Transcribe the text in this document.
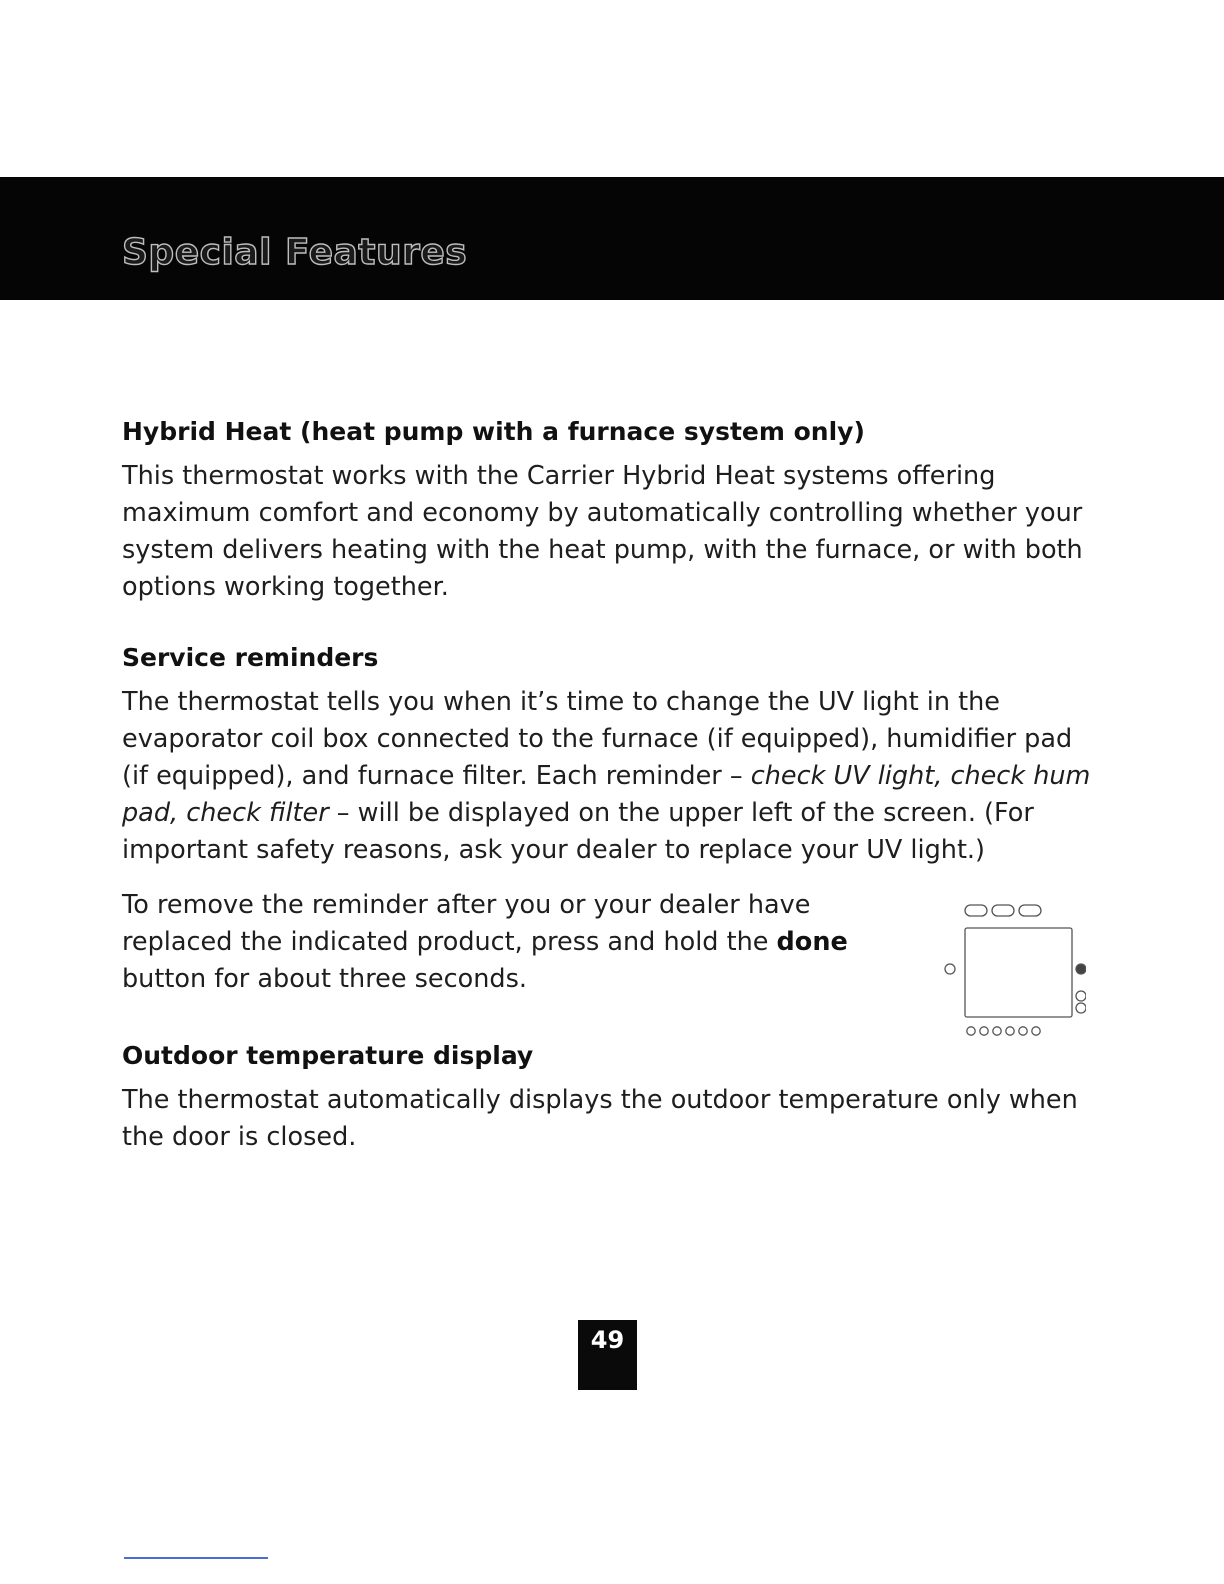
Special Features
Hybrid Heat (heat pump with a furnace system only)

This thermostat works with the Carrier Hybrid Heat systems offering maximum comfort and economy by automatically controlling whether your system delivers heating with the heat pump, with the furnace, or with both options working together.

Service reminders

The thermostat tells you when it’s time to change the UV light in the evaporator coil box connected to the furnace (if equipped), humidifier pad (if equipped), and furnace filter. Each reminder – check UV light, check hum pad, check filter – will be displayed on the upper left of the screen. (For important safety reasons, ask your dealer to replace your UV light.)

To remove the reminder after you or your dealer have replaced the indicated product, press and hold the done button for about three seconds.

Outdoor temperature display

The thermostat automatically displays the outdoor temperature only when the door is closed.

49
